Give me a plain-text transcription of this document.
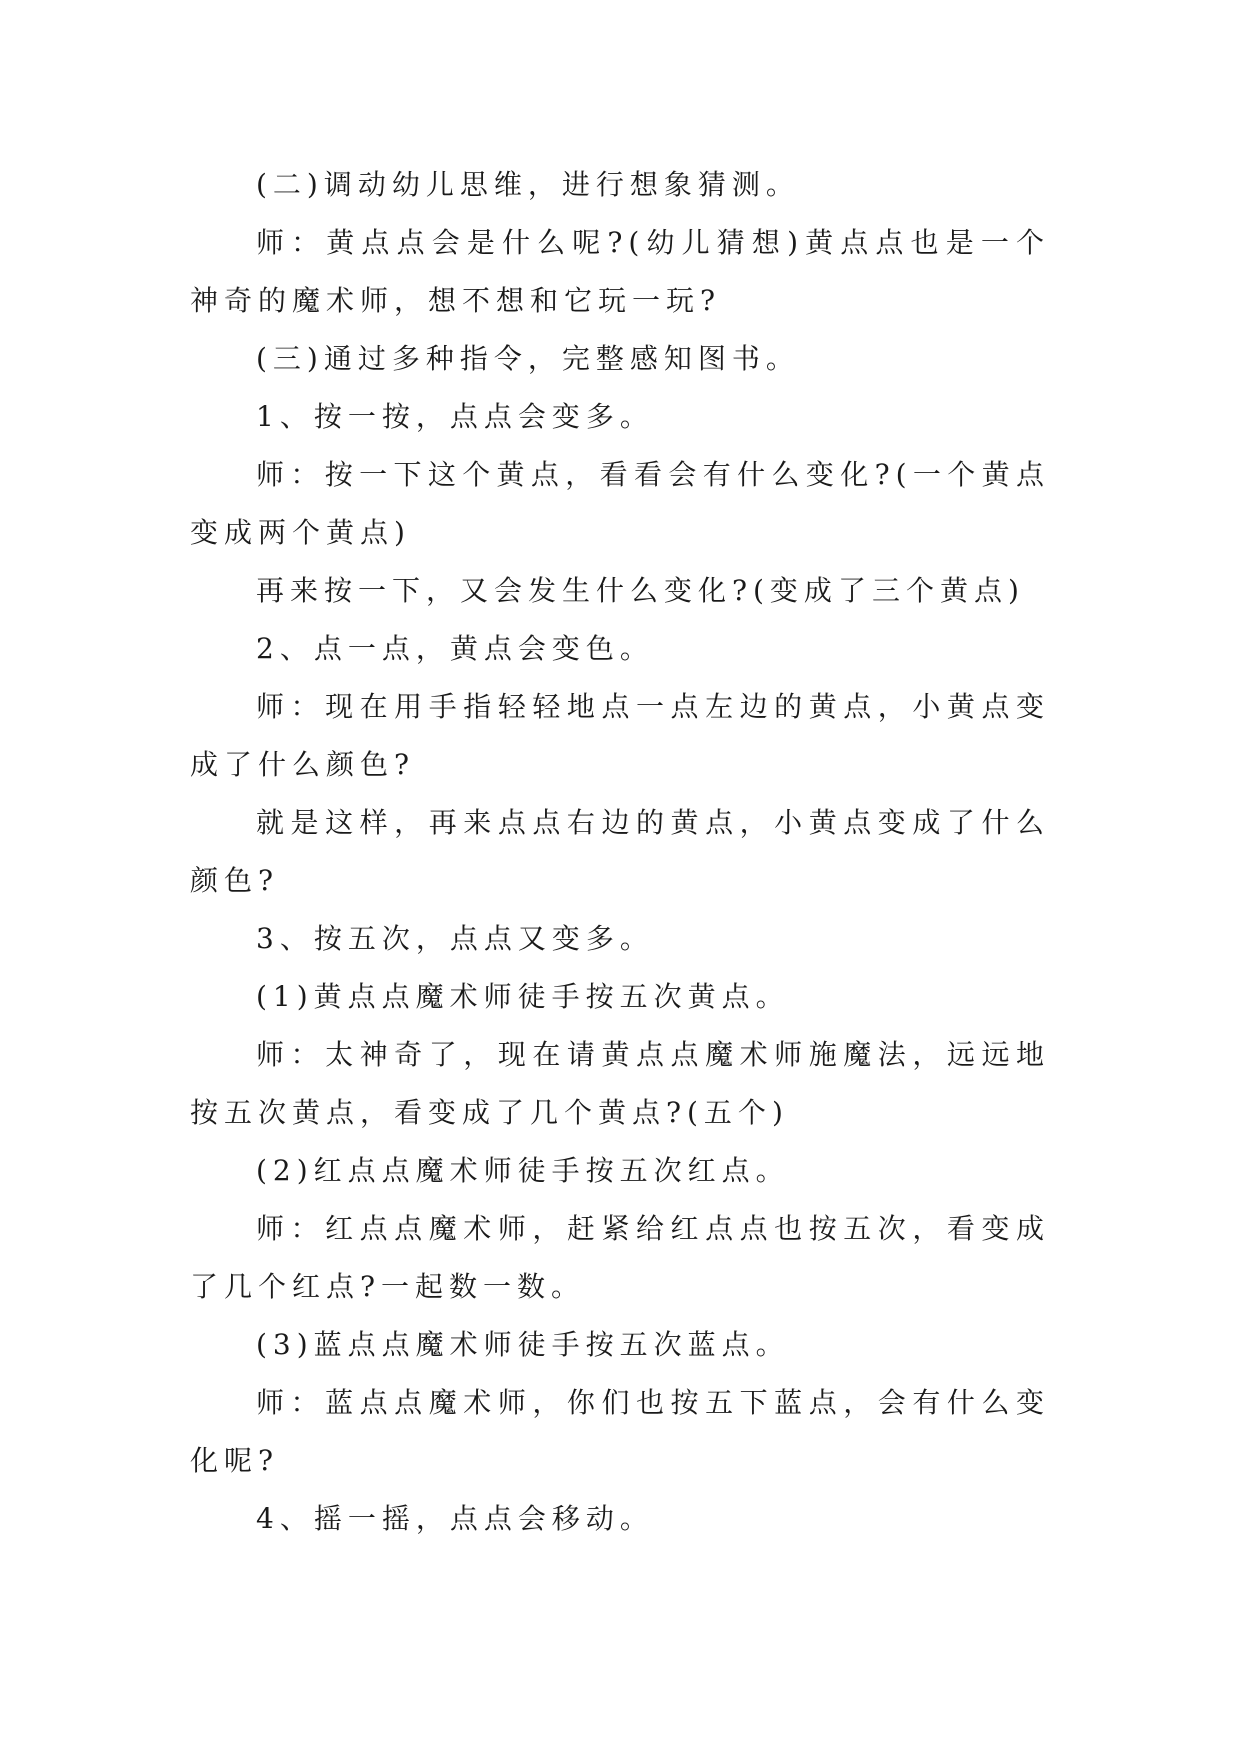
(二)调动幼儿思维，进行想象猜测。

师：黄点点会是什么呢?(幼儿猜想)黄点点也是一个神奇的魔术师，想不想和它玩一玩?

(三)通过多种指令，完整感知图书。

1、按一按，点点会变多。

师：按一下这个黄点，看看会有什么变化?(一个黄点变成两个黄点)

再来按一下，又会发生什么变化?(变成了三个黄点)

2、点一点，黄点会变色。

师：现在用手指轻轻地点一点左边的黄点，小黄点变成了什么颜色?

就是这样，再来点点右边的黄点，小黄点变成了什么颜色?

3、按五次，点点又变多。

(1)黄点点魔术师徒手按五次黄点。

师：太神奇了，现在请黄点点魔术师施魔法，远远地按五次黄点，看变成了几个黄点?(五个)

(2)红点点魔术师徒手按五次红点。

师：红点点魔术师，赶紧给红点点也按五次，看变成了几个红点?一起数一数。

(3)蓝点点魔术师徒手按五次蓝点。

师：蓝点点魔术师，你们也按五下蓝点，会有什么变化呢?

4、摇一摇，点点会移动。
